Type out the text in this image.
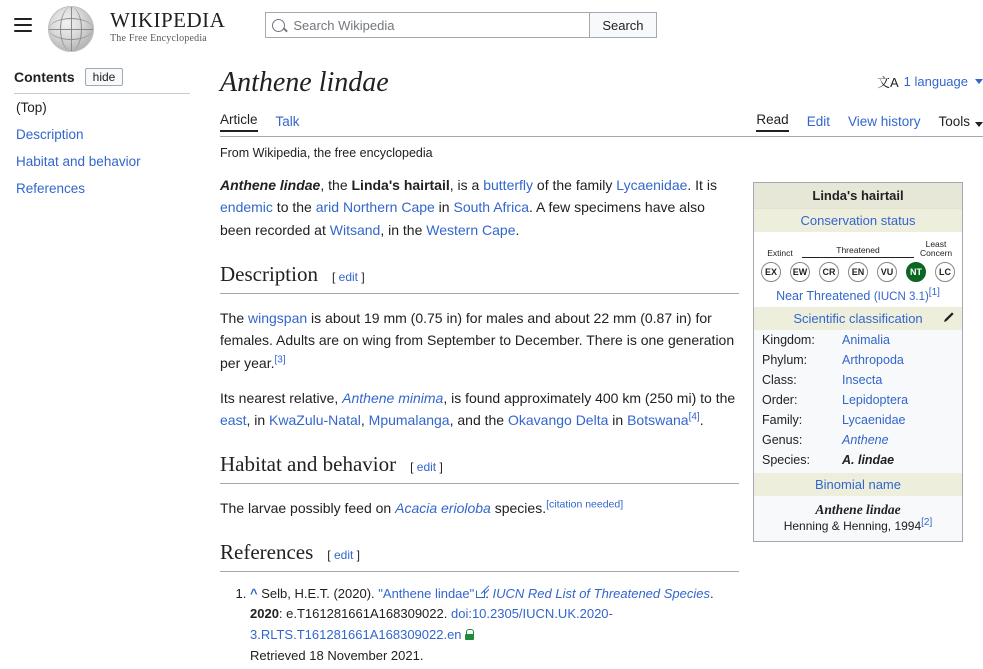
WIKIPEDIA
The Free Encyclopedia
Search Wikipedia
Search
Contents	hide
(Top)
Description
Habitat and behavior
References
Anthene lindae	文A 1 language
Article Talk	Read Edit View history Tools
From Wikipedia, the free encyclopedia

Anthene lindae, the Linda's hairtail, is a butterfly of the family Lycaenidae. It is endemic to the arid Northern Cape in South Africa. A few specimens have also been recorded at Witsand, in the Western Cape.

Description [ edit ]

The wingspan is about 19 mm (0.75 in) for males and about 22 mm (0.87 in) for females. Adults are on wing from September to December. There is one generation per year.[3]

Its nearest relative, Anthene minima, is found approximately 400 km (250 mi) to the east, in KwaZulu-Natal, Mpumalanga, and the Okavango Delta in Botswana[4].

Habitat and behavior [ edit ]

The larvae possibly feed on Acacia erioloba species.[citation needed]

References [ edit ]
1. ^ Selb, H.E.T. (2020). "Anthene lindae" . IUCN Red List of Threatened Species. 2020: e.T161281661A168309022. doi:10.2305/IUCN.UK.2020-3.RLTS.T161281661A168309022.en
Retrieved 18 November 2021.
Linda's hairtail
Conservation status
Extinct	Threatened
Least Concern
EX	EW	CR	EN	VU	NT	LC
Near Threatened (IUCN 3.1)[1]
Scientific classification
Kingdom:	Animalia
Phylum:	Arthropoda
Class:	Insecta
Order:	Lepidoptera
Family:	Lycaenidae
Genus:	Anthene
Species:	A. lindae
Binomial name
Anthene lindae
Henning & Henning, 1994[2]
